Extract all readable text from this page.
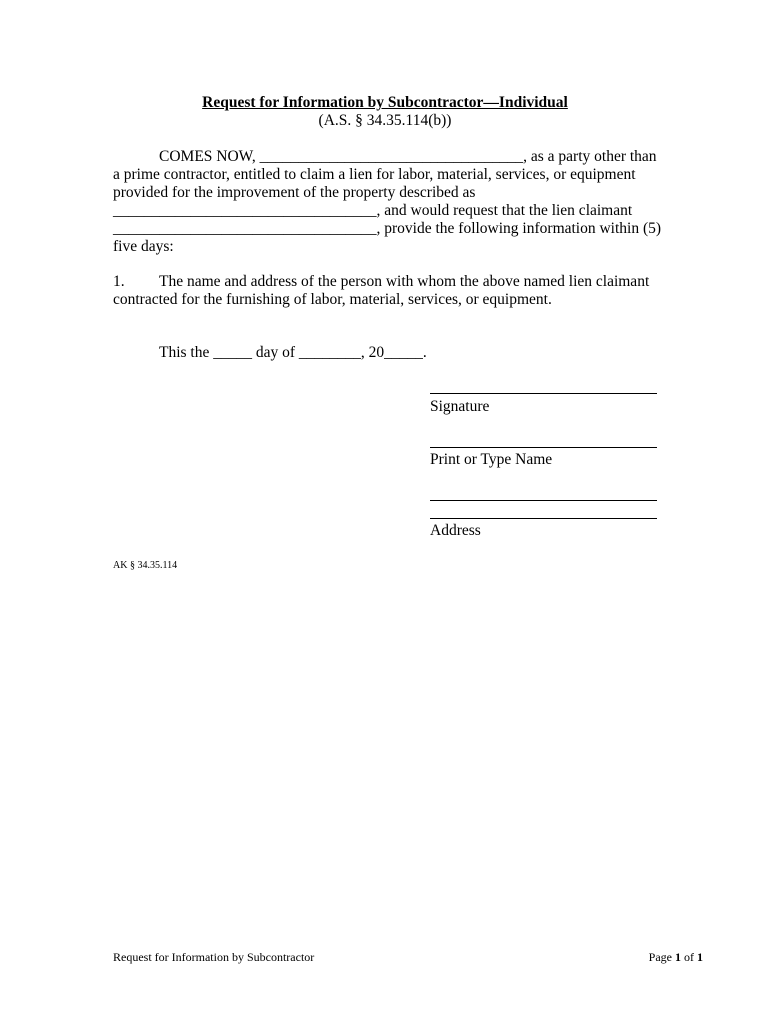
Request for Information by Subcontractor—Individual
(A.S. § 34.35.114(b))
COMES NOW, __________________________________, as a party other than
a prime contractor, entitled to claim a lien for labor, material, services, or equipment
provided for the improvement of the property described as
__________________________________, and would request that the lien claimant
__________________________________, provide the following information within (5)
five days:
1. The name and address of the person with whom the above named lien claimant
contracted for the furnishing of labor, material, services, or equipment.
This the _____ day of ________, 20_____.
Signature
Print or Type Name
Address
AK § 34.35.114
Request for Information by Subcontractor	Page 1 of 1
